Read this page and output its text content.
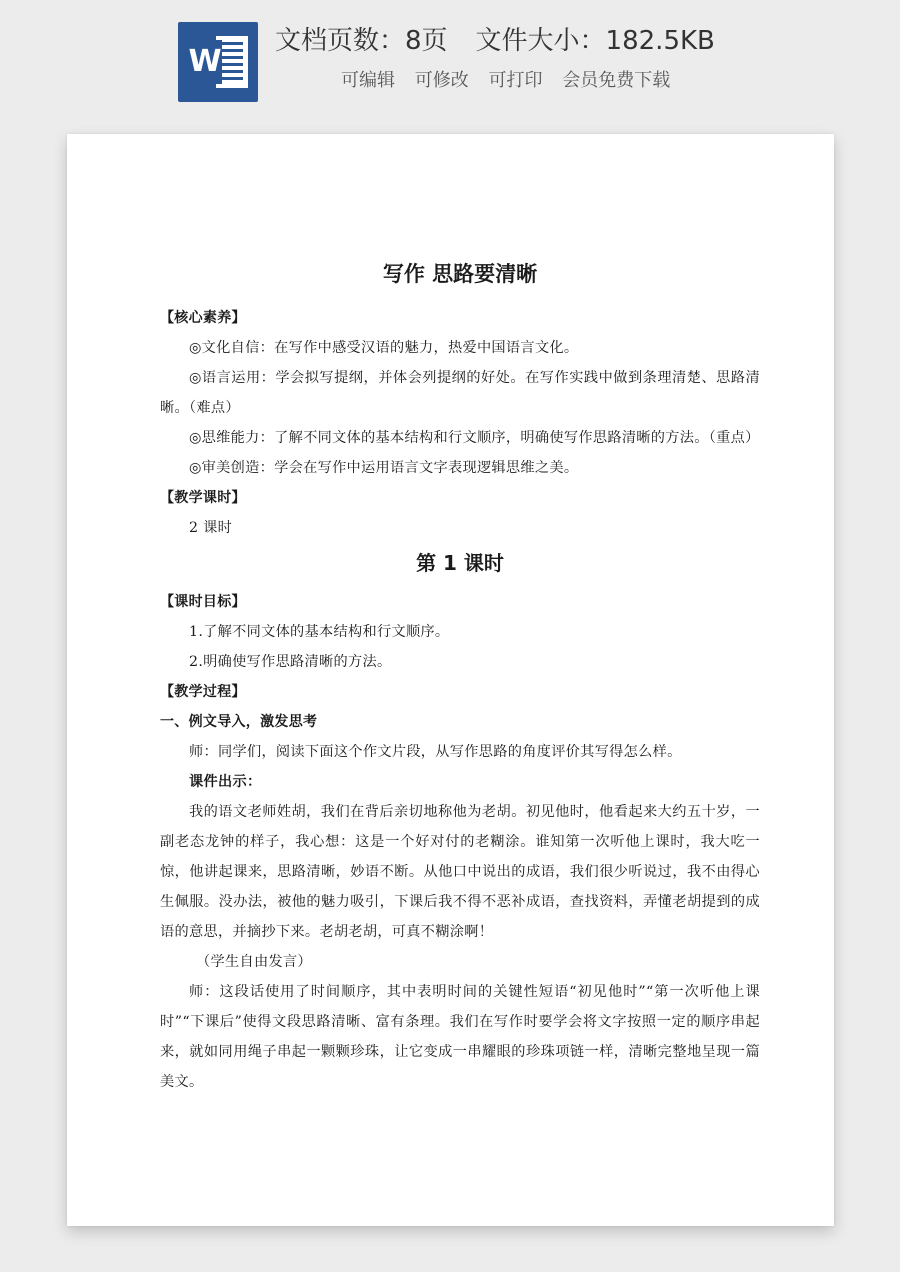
W
文档页数：8页 文件大小：182.5KB
可编辑 可修改 可打印 会员免费下载
写作 思路要清晰

【核心素养】

◎文化自信：在写作中感受汉语的魅力，热爱中国语言文化。

◎语言运用：学会拟写提纲，并体会列提纲的好处。在写作实践中做到条理清楚、思路清晰。（难点）

◎思维能力：了解不同文体的基本结构和行文顺序，明确使写作思路清晰的方法。（重点）

◎审美创造：学会在写作中运用语言文字表现逻辑思维之美。

【教学课时】

2 课时

第 1 课时

【课时目标】

1.了解不同文体的基本结构和行文顺序。

2.明确使写作思路清晰的方法。

【教学过程】

一、例文导入，激发思考

师：同学们，阅读下面这个作文片段，从写作思路的角度评价其写得怎么样。

课件出示：

我的语文老师姓胡，我们在背后亲切地称他为老胡。初见他时，他看起来大约五十岁，一副老态龙钟的样子，我心想：这是一个好对付的老糊涂。谁知第一次听他上课时，我大吃一惊，他讲起课来，思路清晰，妙语不断。从他口中说出的成语，我们很少听说过，我不由得心生佩服。没办法，被他的魅力吸引，下课后我不得不恶补成语，查找资料，弄懂老胡提到的成语的意思，并摘抄下来。老胡老胡，可真不糊涂啊！

（学生自由发言）

师：这段话使用了时间顺序，其中表明时间的关键性短语“初见他时”“第一次听他上课时”“下课后”使得文段思路清晰、富有条理。我们在写作时要学会将文字按照一定的顺序串起来，就如同用绳子串起一颗颗珍珠，让它变成一串耀眼的珍珠项链一样，清晰完整地呈现一篇美文。
